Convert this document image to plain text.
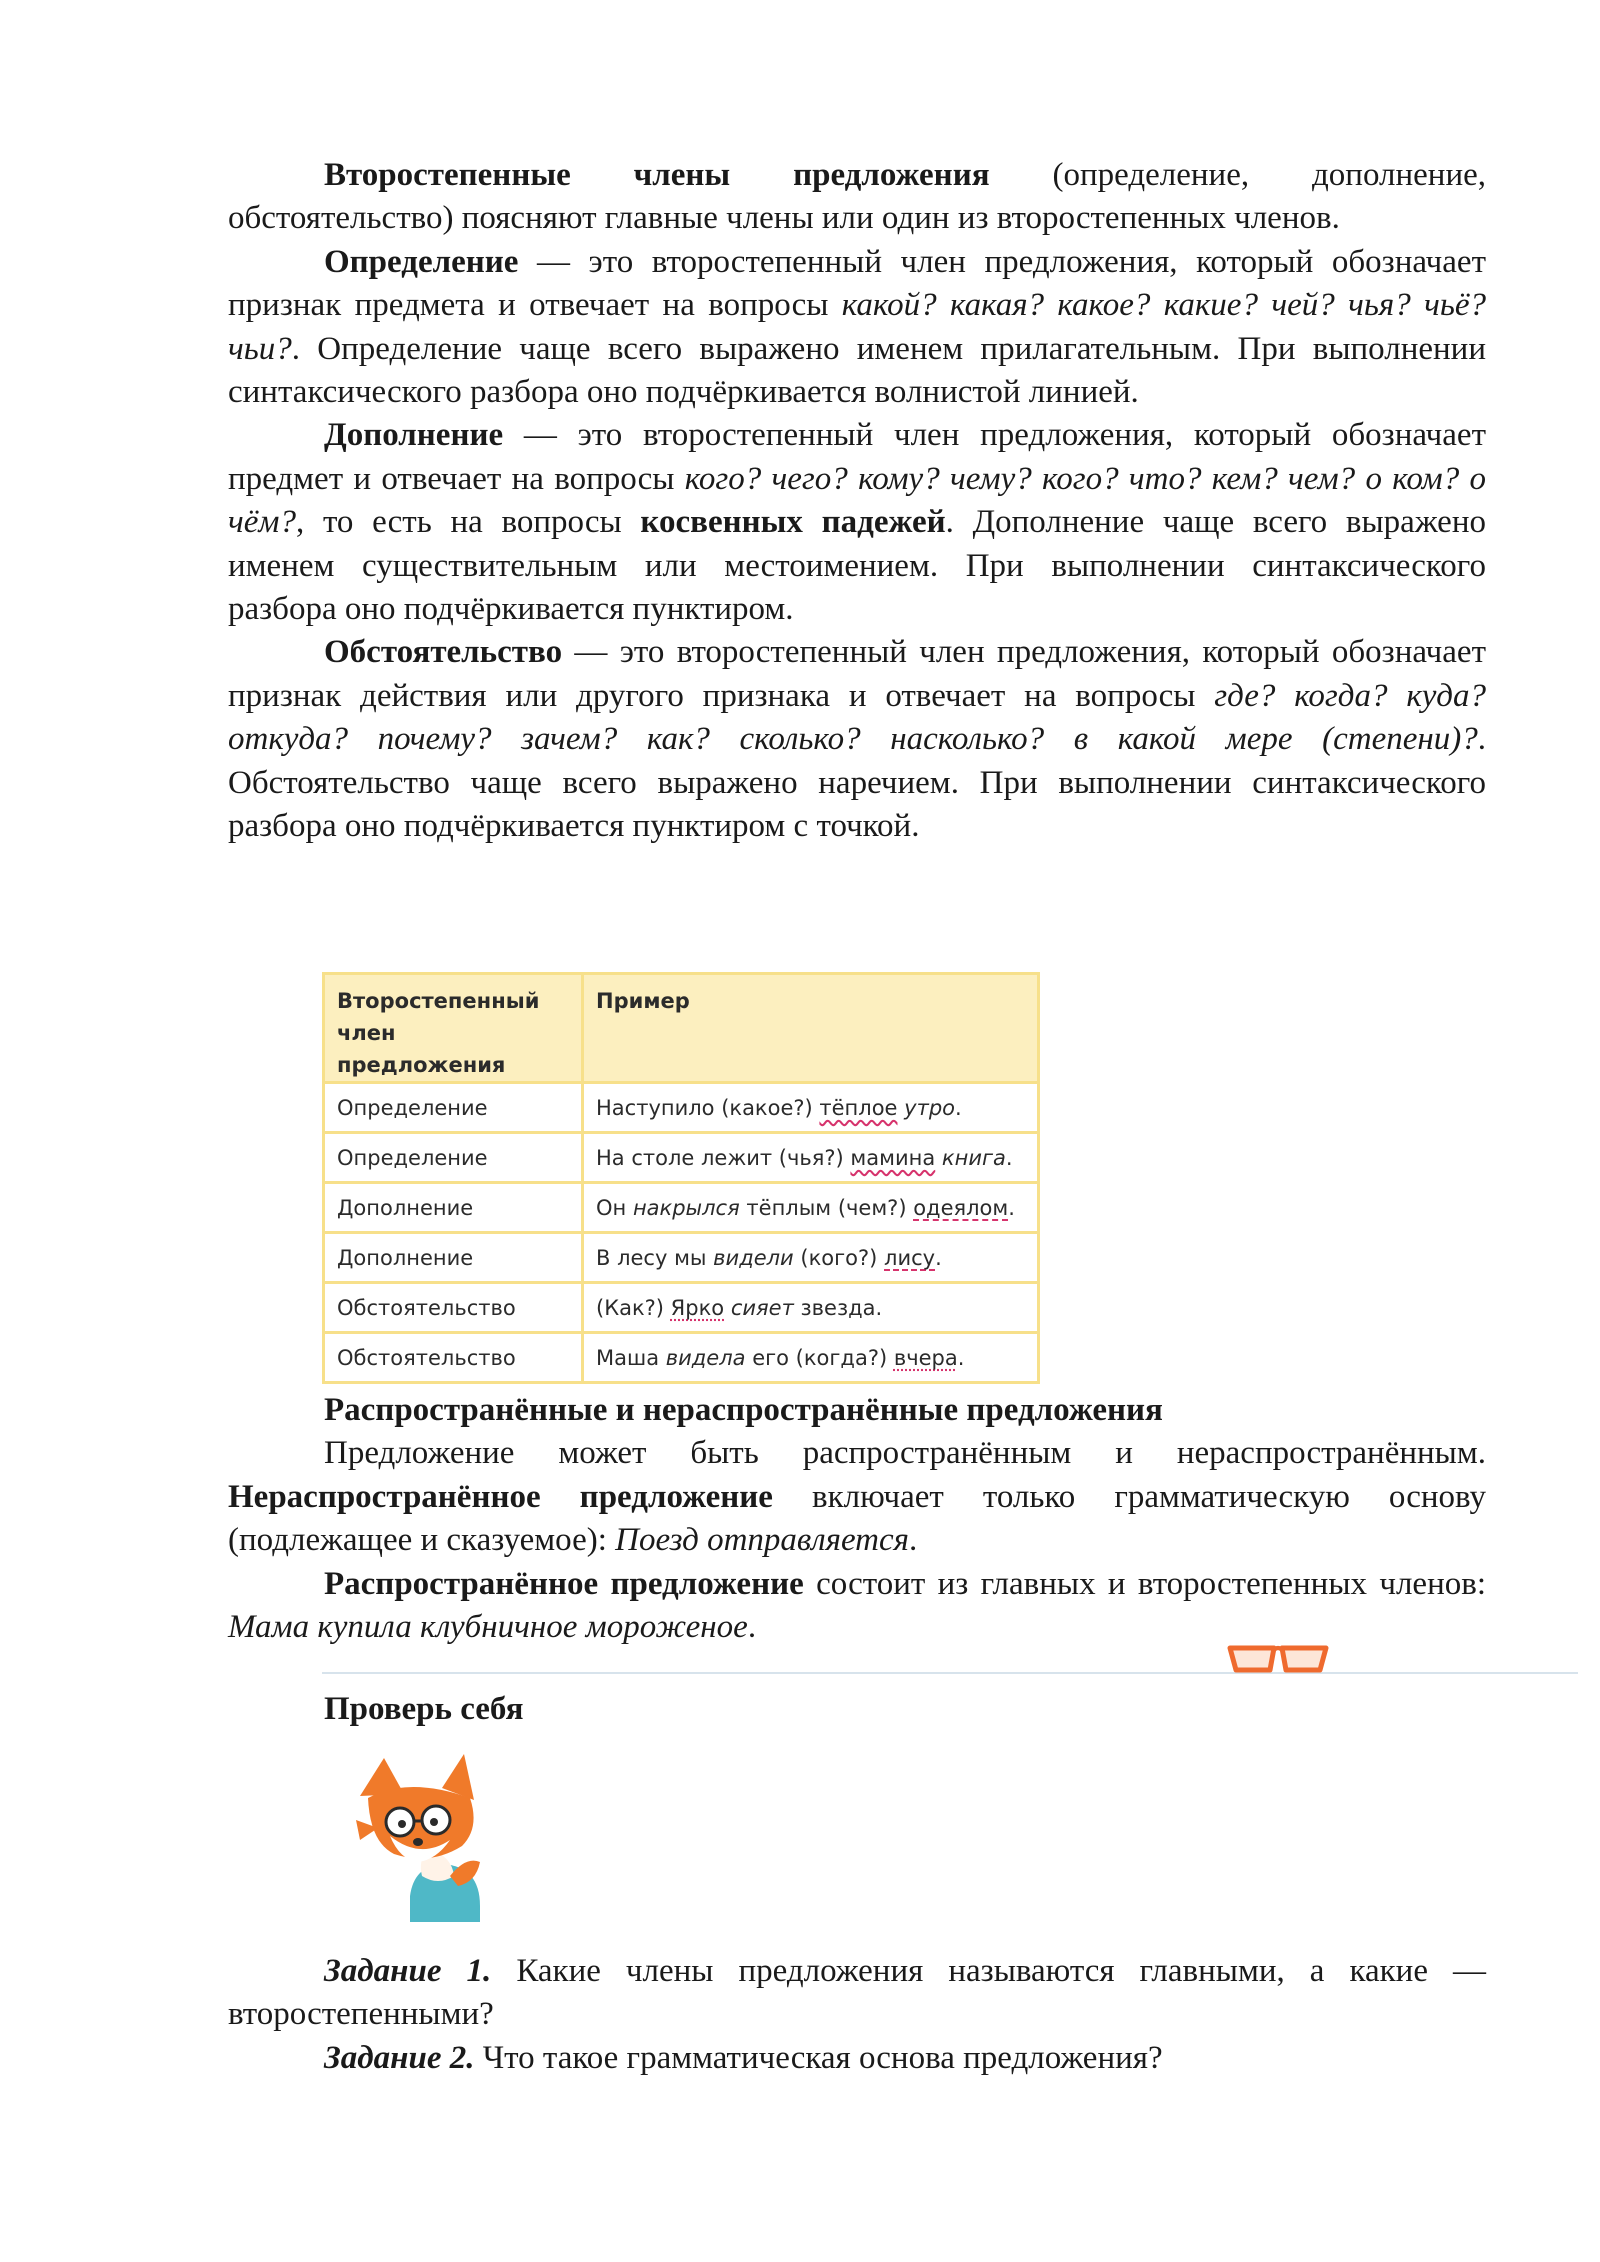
Второстепенные члены предложения (определение, дополнение, обстоятельство) поясняют главные члены или один из второстепенных членов.

Определение — это второстепенный член предложения, который обозначает признак предмета и отвечает на вопросы какой? какая? какое? какие? чей? чья? чьё? чьи?. Определение чаще всего выражено именем прилагательным. При выполнении синтаксического разбора оно подчёркивается волнистой линией.

Дополнение — это второстепенный член предложения, который обозначает предмет и отвечает на вопросы кого? чего? кому? чему? кого? что? кем? чем? о ком? о чём?, то есть на вопросы косвенных падежей. Дополнение чаще всего выражено именем существительным или местоимением. При выполнении синтаксического разбора оно подчёркивается пунктиром.

Обстоятельство — это второстепенный член предложения, который обозначает признак действия или другого признака и отвечает на вопросы где? когда? куда? откуда? почему? зачем? как? сколько? насколько? в какой мере (степени)?. Обстоятельство чаще всего выражено наречием. При выполнении синтаксического разбора оно подчёркивается пунктиром с точкой.

Второстепенный
член предложения	Пример
Определение	Наступило (какое?) тёплое утро.
Определение	На столе лежит (чья?) мамина книга.
Дополнение	Он накрылся тёплым (чем?) одеялом.
Дополнение	В лесу мы видели (кого?) лису.
Обстоятельство	(Как?) Ярко сияет звезда.
Обстоятельство	Маша видела его (когда?) вчера.

Распространённые и нераспространённые предложения

Предложение может быть распространённым и нераспространённым. Нераспространённое предложение включает только грамматическую основу (подлежащее и сказуемое): Поезд отправляется.

Распространённое предложение состоит из главных и второстепенных членов: Мама купила клубничное мороженое.

Проверь себя

Задание 1. Какие члены предложения называются главными, а какие — второстепенными?

Задание 2. Что такое грамматическая основа предложения?
